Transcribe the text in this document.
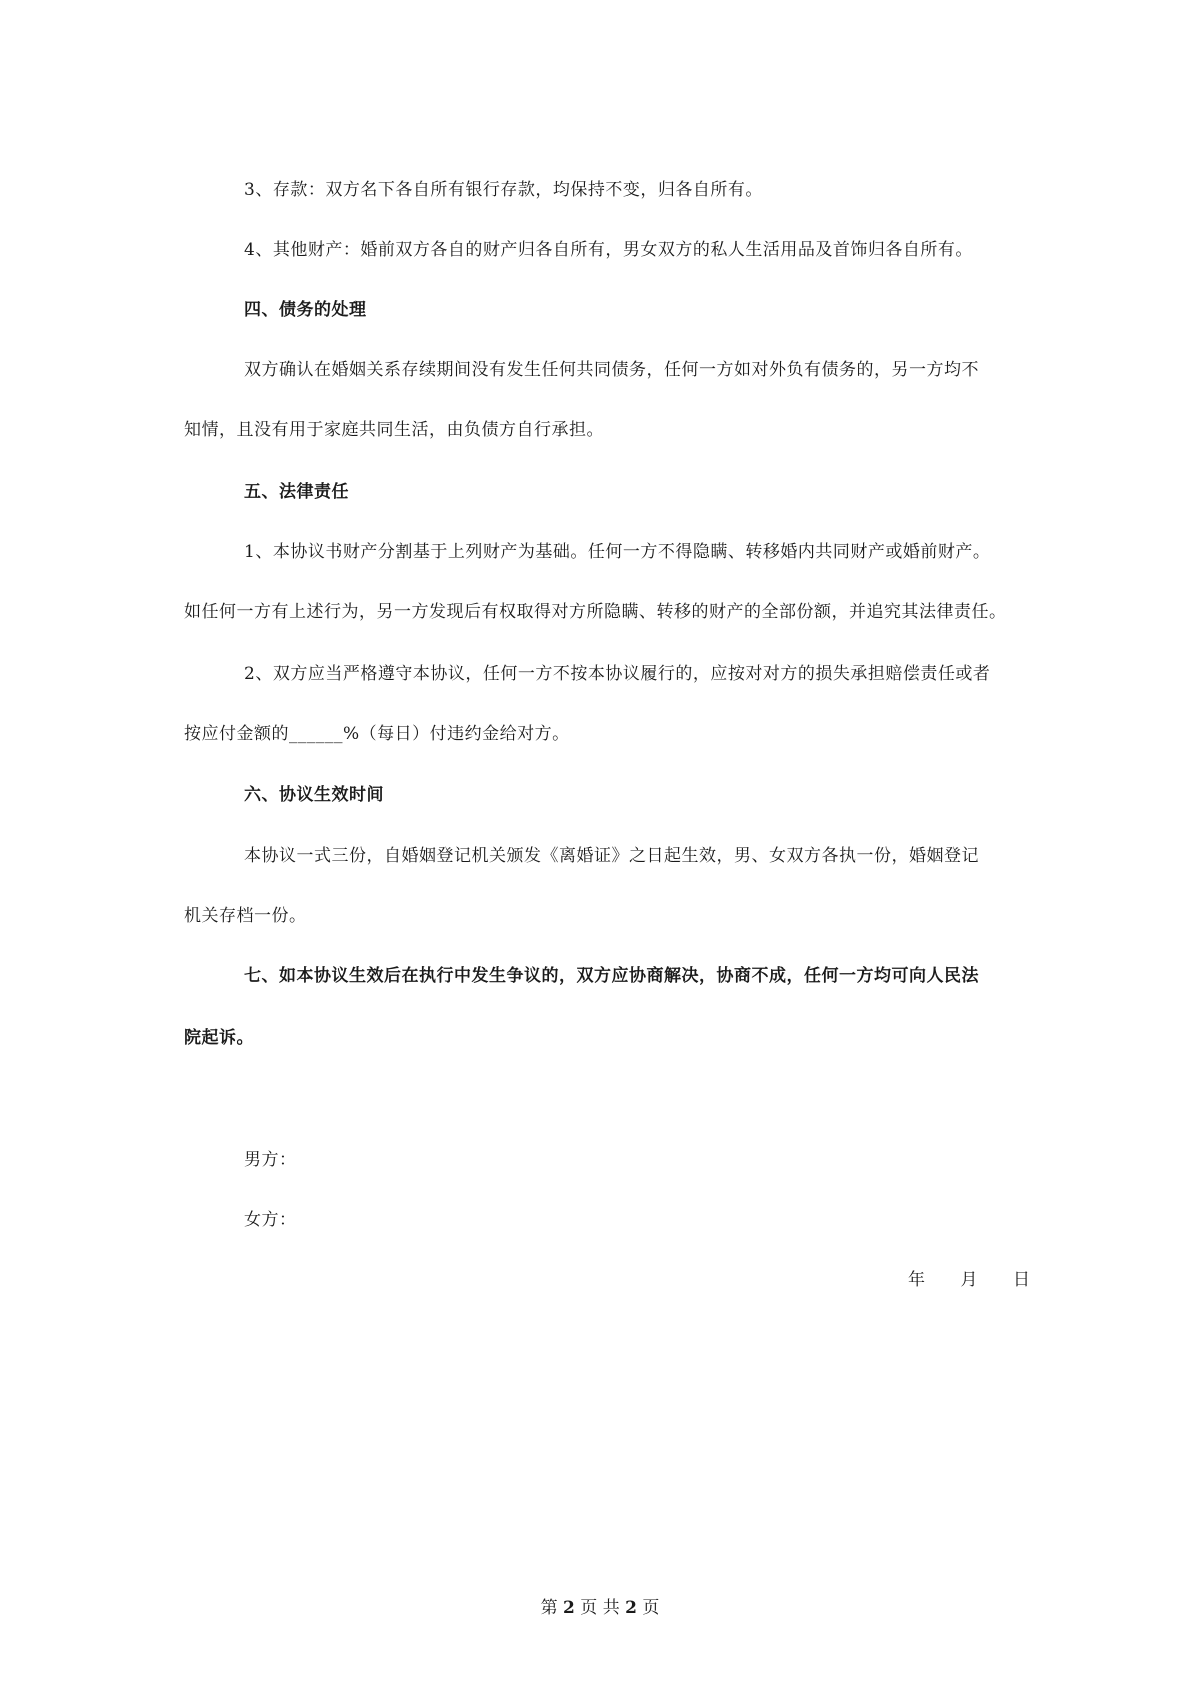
3、存款：双方名下各自所有银行存款，均保持不变，归各自所有。
4、其他财产：婚前双方各自的财产归各自所有，男女双方的私人生活用品及首饰归各自所有。
四、债务的处理
双方确认在婚姻关系存续期间没有发生任何共同债务，任何一方如对外负有债务的，另一方均不
知情，且没有用于家庭共同生活，由负债方自行承担。
五、法律责任
1、本协议书财产分割基于上列财产为基础。任何一方不得隐瞒、转移婚内共同财产或婚前财产。
如任何一方有上述行为，另一方发现后有权取得对方所隐瞒、转移的财产的全部份额，并追究其法律责任。
2、双方应当严格遵守本协议，任何一方不按本协议履行的，应按对对方的损失承担赔偿责任或者
按应付金额的______%（每日）付违约金给对方。
六、协议生效时间
本协议一式三份，自婚姻登记机关颁发《离婚证》之日起生效，男、女双方各执一份，婚姻登记
机关存档一份。
七、如本协议生效后在执行中发生争议的，双方应协商解决，协商不成，任何一方均可向人民法
院起诉。
男方：
女方：
年　　月　　日
第 2 页 共 2 页
